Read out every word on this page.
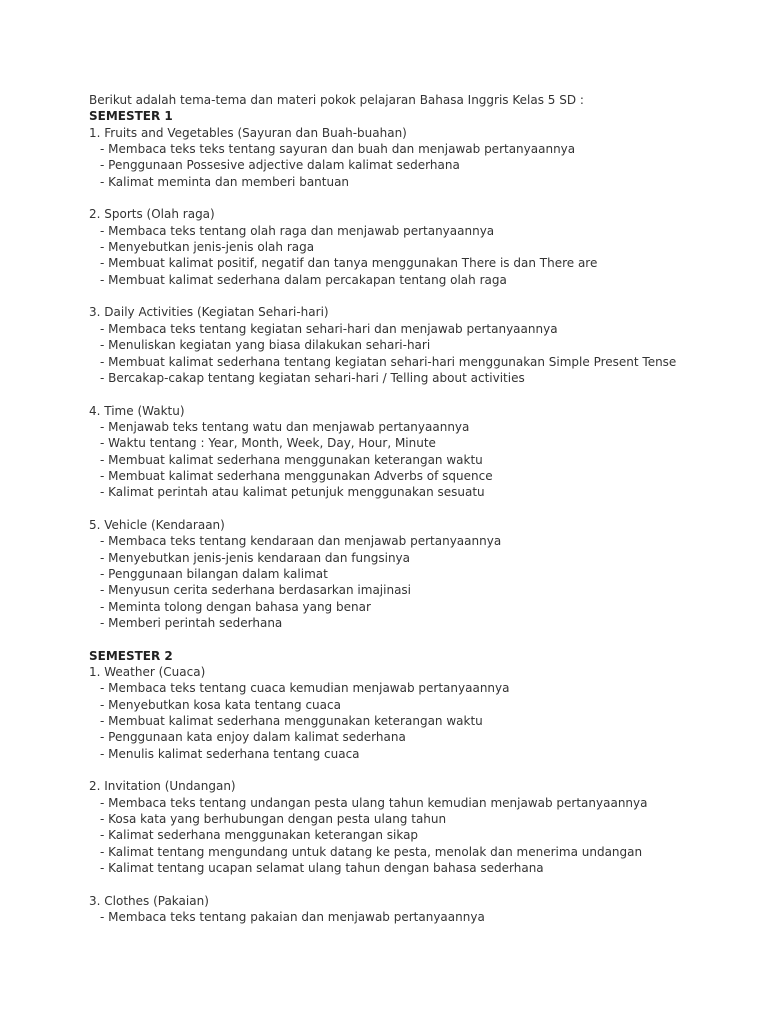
Berikut adalah tema-tema dan materi pokok pelajaran Bahasa Inggris Kelas 5 SD :
SEMESTER 1
1. Fruits and Vegetables (Sayuran dan Buah-buahan)
- Membaca teks teks tentang sayuran dan buah dan menjawab pertanyaannya
- Penggunaan Possesive adjective dalam kalimat sederhana
- Kalimat meminta dan memberi bantuan
2. Sports (Olah raga)
- Membaca teks tentang olah raga dan menjawab pertanyaannya
- Menyebutkan jenis-jenis olah raga
- Membuat kalimat positif, negatif dan tanya menggunakan There is dan There are
- Membuat kalimat sederhana dalam percakapan tentang olah raga
3. Daily Activities (Kegiatan Sehari-hari)
- Membaca teks tentang kegiatan sehari-hari dan menjawab pertanyaannya
- Menuliskan kegiatan yang biasa dilakukan sehari-hari
- Membuat kalimat sederhana tentang kegiatan sehari-hari menggunakan Simple Present Tense
- Bercakap-cakap tentang kegiatan sehari-hari / Telling about activities
4. Time (Waktu)
- Menjawab teks tentang watu dan menjawab pertanyaannya
- Waktu tentang : Year, Month, Week, Day, Hour, Minute
- Membuat kalimat sederhana menggunakan keterangan waktu
- Membuat kalimat sederhana menggunakan Adverbs of squence
- Kalimat perintah atau kalimat petunjuk menggunakan sesuatu
5. Vehicle (Kendaraan)
- Membaca teks tentang kendaraan dan menjawab pertanyaannya
- Menyebutkan jenis-jenis kendaraan dan fungsinya
- Penggunaan bilangan dalam kalimat
- Menyusun cerita sederhana berdasarkan imajinasi
- Meminta tolong dengan bahasa yang benar
- Memberi perintah sederhana
SEMESTER 2
1. Weather (Cuaca)
- Membaca teks tentang cuaca kemudian menjawab pertanyaannya
- Menyebutkan kosa kata tentang cuaca
- Membuat kalimat sederhana menggunakan keterangan waktu
- Penggunaan kata enjoy dalam kalimat sederhana
- Menulis kalimat sederhana tentang cuaca
2. Invitation (Undangan)
- Membaca teks tentang undangan pesta ulang tahun kemudian menjawab pertanyaannya
- Kosa kata yang berhubungan dengan pesta ulang tahun
- Kalimat sederhana menggunakan keterangan sikap
- Kalimat tentang mengundang untuk datang ke pesta, menolak dan menerima undangan
- Kalimat tentang ucapan selamat ulang tahun dengan bahasa sederhana
3. Clothes (Pakaian)
- Membaca teks tentang pakaian dan menjawab pertanyaannya
